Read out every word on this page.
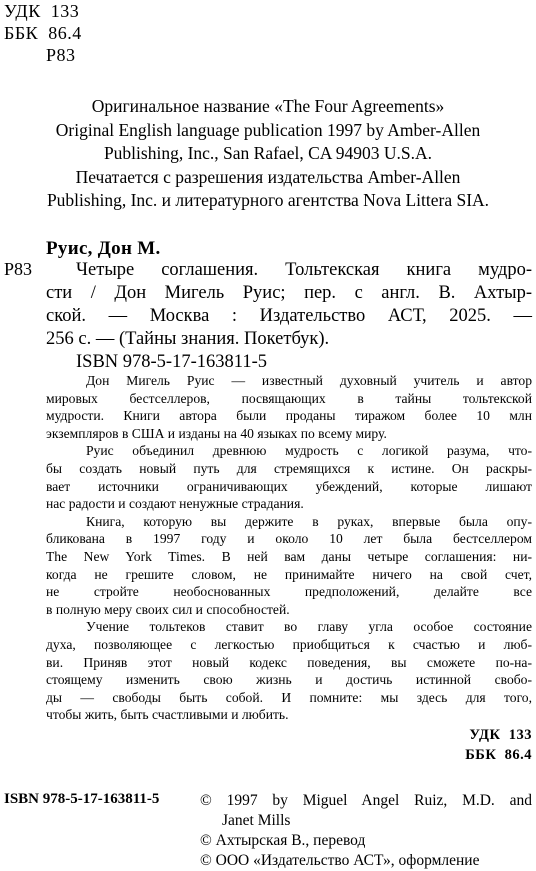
УДК 133
ББК 86.4
Р83
Оригинальное название «The Four Agreements»
Original English language publication 1997 by Amber-Allen
Publishing, Inc., San Rafael, CA 94903 U.S.A.
Печатается с разрешения издательства Amber-Allen
Publishing, Inc. и литературного агентства Nova Littera SIA.
Руис, Дон М.
Р83	Четыре соглашения. Тольтекская книга мудро-
сти / Дон Мигель Руис; пер. с англ. В. Ахтыр-
ской. — Москва : Издательство АСТ, 2025. —
256 с. — (Тайны знания. Покетбук).
ISBN 978-5-17-163811-5
Дон Мигель Руис — известный духовный учитель и автор
мировых бестселлеров, посвящающих в тайны тольтекской
мудрости. Книги автора были проданы тиражом более 10 млн
экземпляров в США и изданы на 40 языках по всему миру.
Руис объединил древнюю мудрость с логикой разума, что-
бы создать новый путь для стремящихся к истине. Он раскры-
вает источники ограничивающих убеждений, которые лишают
нас радости и создают ненужные страдания.
Книга, которую вы держите в руках, впервые была опу-
бликована в 1997 году и около 10 лет была бестселлером
The New York Times. В ней вам даны четыре соглашения: ни-
когда не грешите словом, не принимайте ничего на свой счет,
не стройте необоснованных предположений, делайте все
в полную меру своих сил и способностей.
Учение тольтеков ставит во главу угла особое состояние
духа, позволяющее с легкостью приобщиться к счастью и люб-
ви. Приняв этот новый кодекс поведения, вы сможете по-на-
стоящему изменить свою жизнь и достичь истинной свобо-
ды — свободы быть собой. И помните: мы здесь для того,
чтобы жить, быть счастливыми и любить.
УДК 133
ББК 86.4
ISBN 978-5-17-163811-5	© 1997 by Miguel Angel Ruiz, M.D. and
Janet Mills
© Ахтырская В., перевод
© ООО «Издательство АСТ», оформление
